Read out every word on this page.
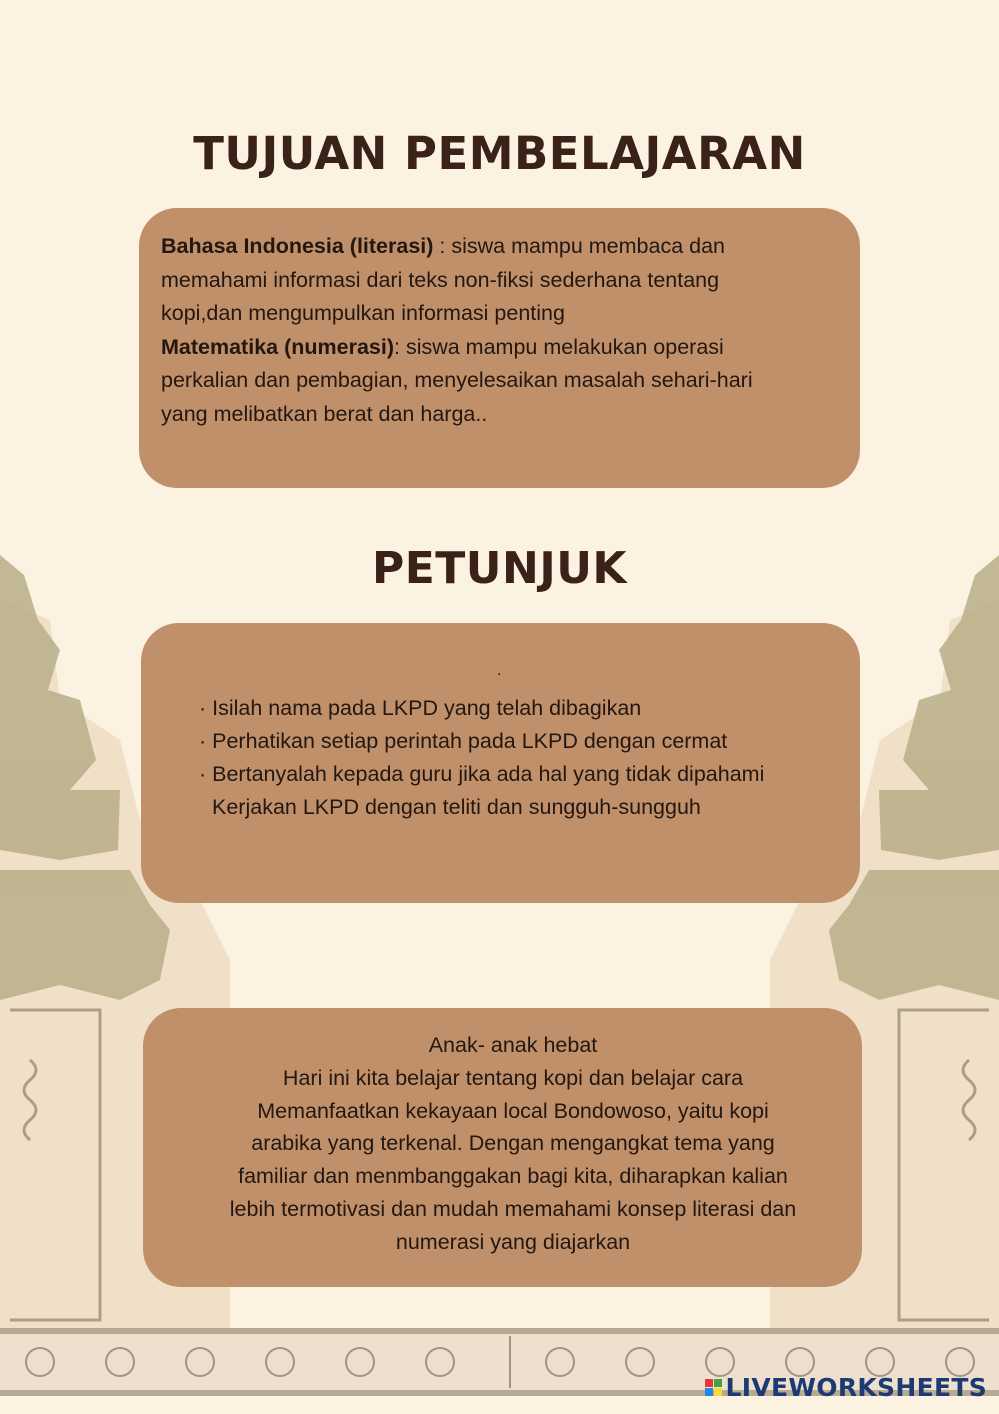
TUJUAN PEMBELAJARAN

Bahasa Indonesia (literasi) : siswa mampu membaca dan
memahami informasi dari teks non-fiksi sederhana tentang
kopi,dan mengumpulkan informasi penting
Matematika (numerasi): siswa mampu melakukan operasi
perkalian dan pembagian, menyelesaikan masalah sehari-hari
yang melibatkan berat dan harga..

PETUNJUK
.
· Isilah nama pada LKPD yang telah dibagikan
· Perhatikan setiap perintah pada LKPD dengan cermat
· Bertanyalah kepada guru jika ada hal yang tidak dipahami
Kerjakan LKPD dengan teliti dan sungguh-sungguh
Anak- anak hebat
Hari ini kita belajar tentang kopi dan belajar cara
Memanfaatkan kekayaan local Bondowoso, yaitu kopi
arabika yang terkenal. Dengan mengangkat tema yang
familiar dan menmbanggakan bagi kita, diharapkan kalian
lebih termotivasi dan mudah memahami konsep literasi dan
numerasi yang diajarkan
LIVEWORKSHEETS
